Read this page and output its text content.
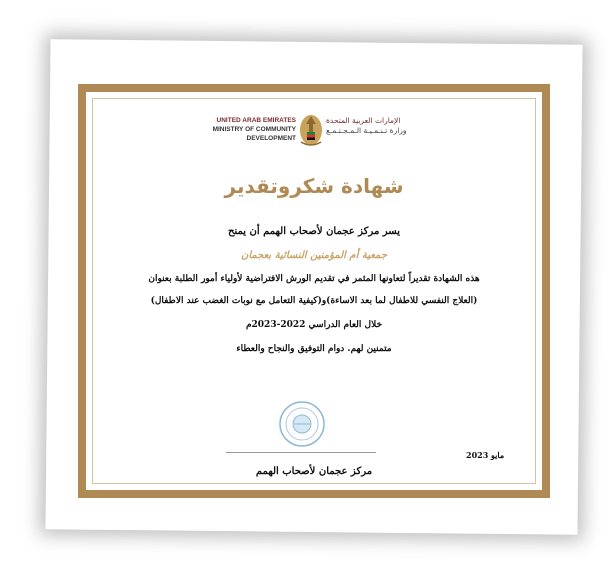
UNITED ARAB EMIRATES
MINISTRY OF COMMUNITY DEVELOPMENT
الإمارات العربية المتحدة
وزارة تـنـمـيـة الـمـجـتـمـع
شهادة شكروتقدير
يسر مركز عجمان لأصحاب الهمم أن يمنح
جمعية أم المؤمنين النسائية بعجمان
هذه الشهادة تقديراً لتعاونها المثمر في تقديم الورش الافتراضية لأولياء أمور الطلبة بعنوان
(العلاج النفسي للاطفال لما بعد الاساءة)و(كيفية التعامل مع نوبات الغضب عند الاطفال)
خلال العام الدراسي 2022-2023م
متمنين لهم. دوام التوفيق والنجاح والعطاء
مايو 2023
مركز عجمان لأصحاب الهمم
